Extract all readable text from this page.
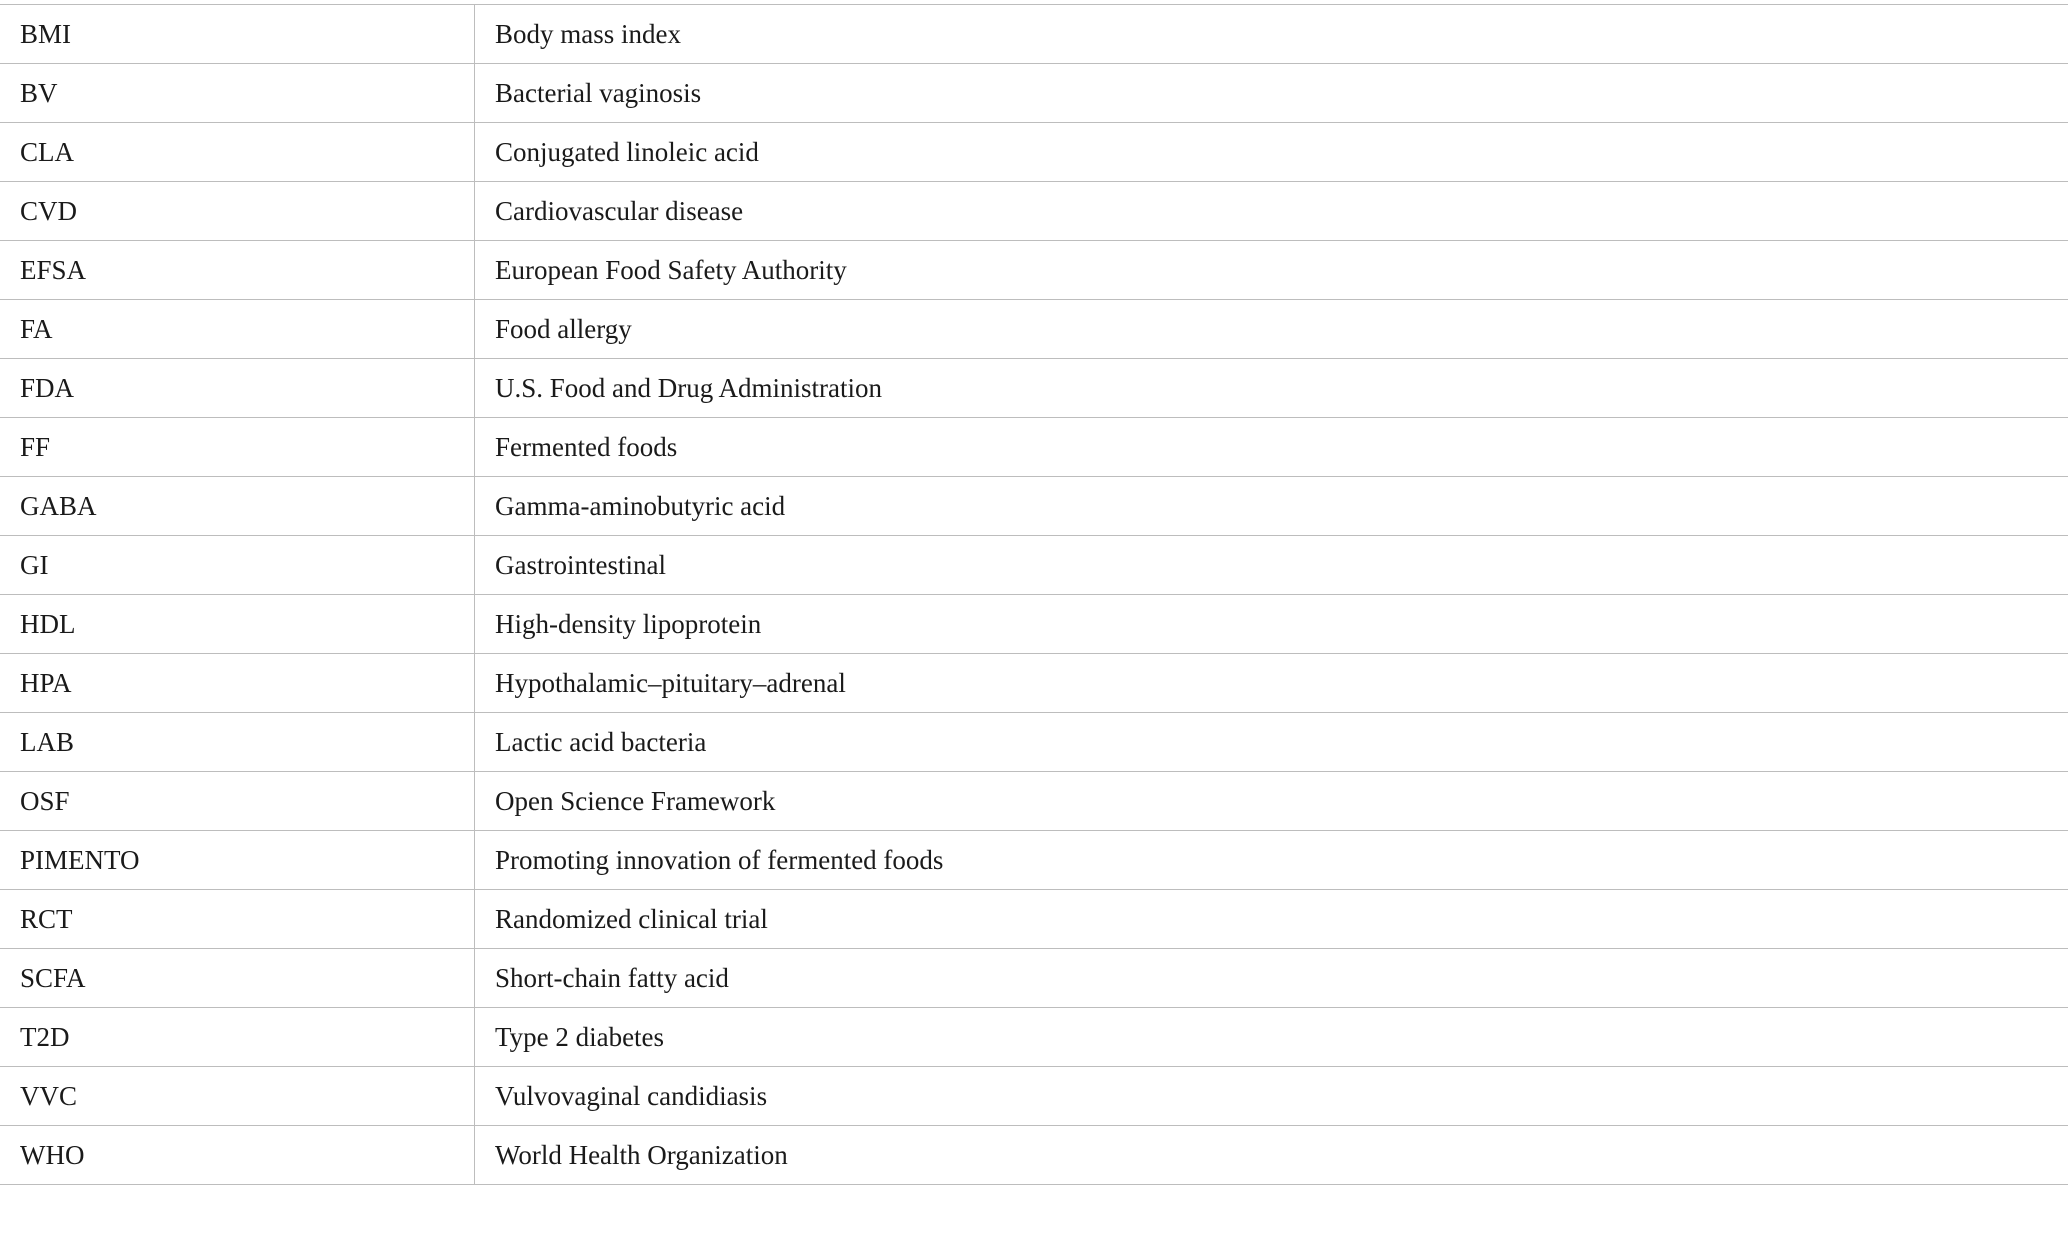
BMI	Body mass index
BV	Bacterial vaginosis
CLA	Conjugated linoleic acid
CVD	Cardiovascular disease
EFSA	European Food Safety Authority
FA	Food allergy
FDA	U.S. Food and Drug Administration
FF	Fermented foods
GABA	Gamma-aminobutyric acid
GI	Gastrointestinal
HDL	High-density lipoprotein
HPA	Hypothalamic–pituitary–adrenal
LAB	Lactic acid bacteria
OSF	Open Science Framework
PIMENTO	Promoting innovation of fermented foods
RCT	Randomized clinical trial
SCFA	Short-chain fatty acid
T2D	Type 2 diabetes
VVC	Vulvovaginal candidiasis
WHO	World Health Organization
